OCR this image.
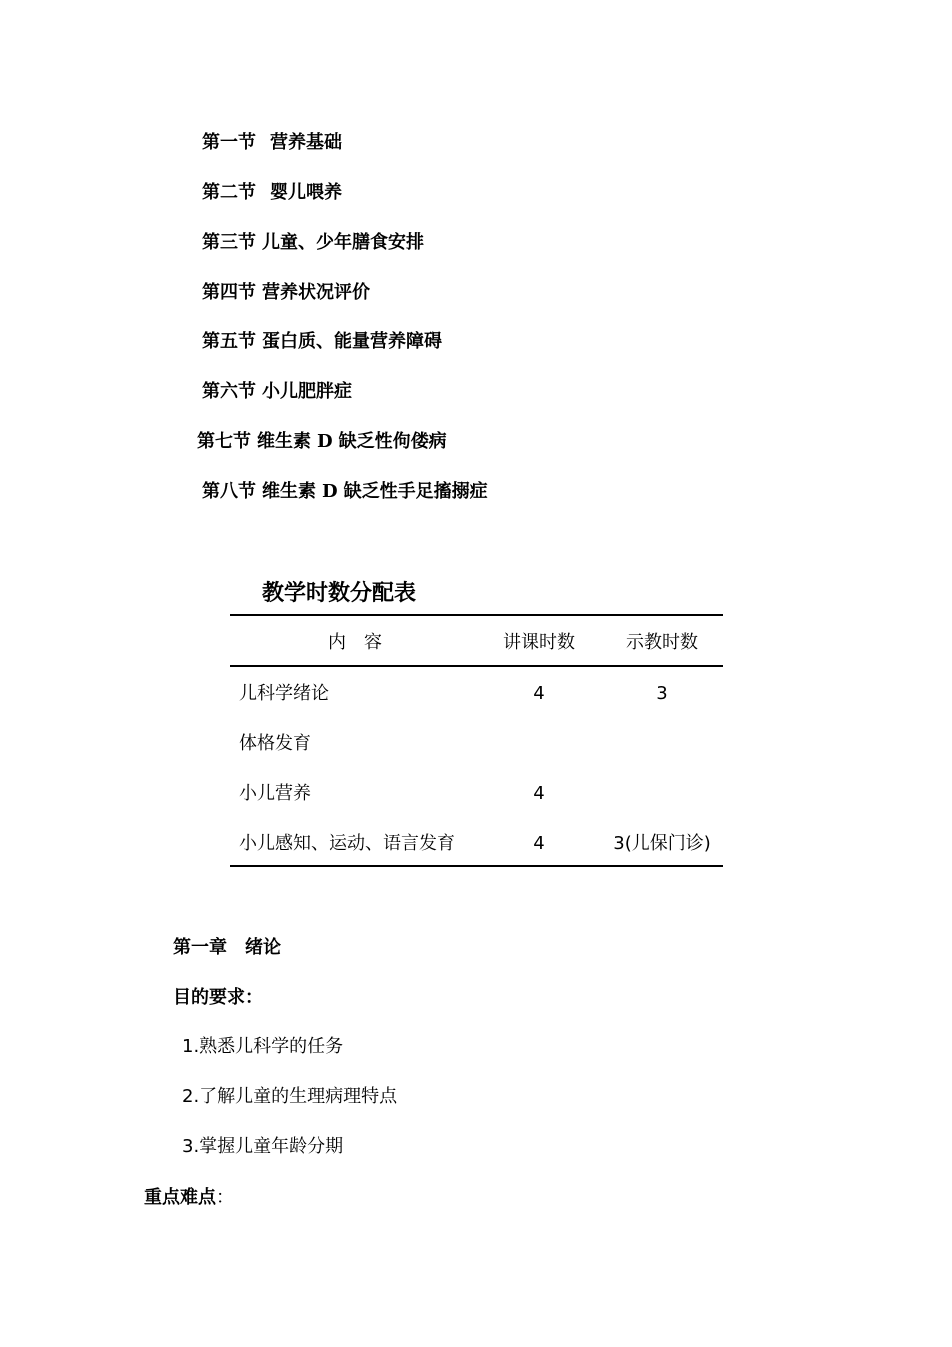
第一节 营养基础
第二节 婴儿喂养
第三节 儿童、少年膳食安排
第四节 营养状况评价
第五节 蛋白质、能量营养障碍
第六节 小儿肥胖症
第七节 维生素 D 缺乏性佝偻病
第八节 维生素 D 缺乏性手足搐搦症
教学时数分配表
内　容	讲课时数	示教时数
儿科学绪论	4	3
体格发育
小儿营养	4
小儿感知、运动、语言发育	4	3(儿保门诊)
第一章　绪论
目的要求：
1.熟悉儿科学的任务
2.了解儿童的生理病理特点
3.掌握儿童年龄分期
重点难点：
